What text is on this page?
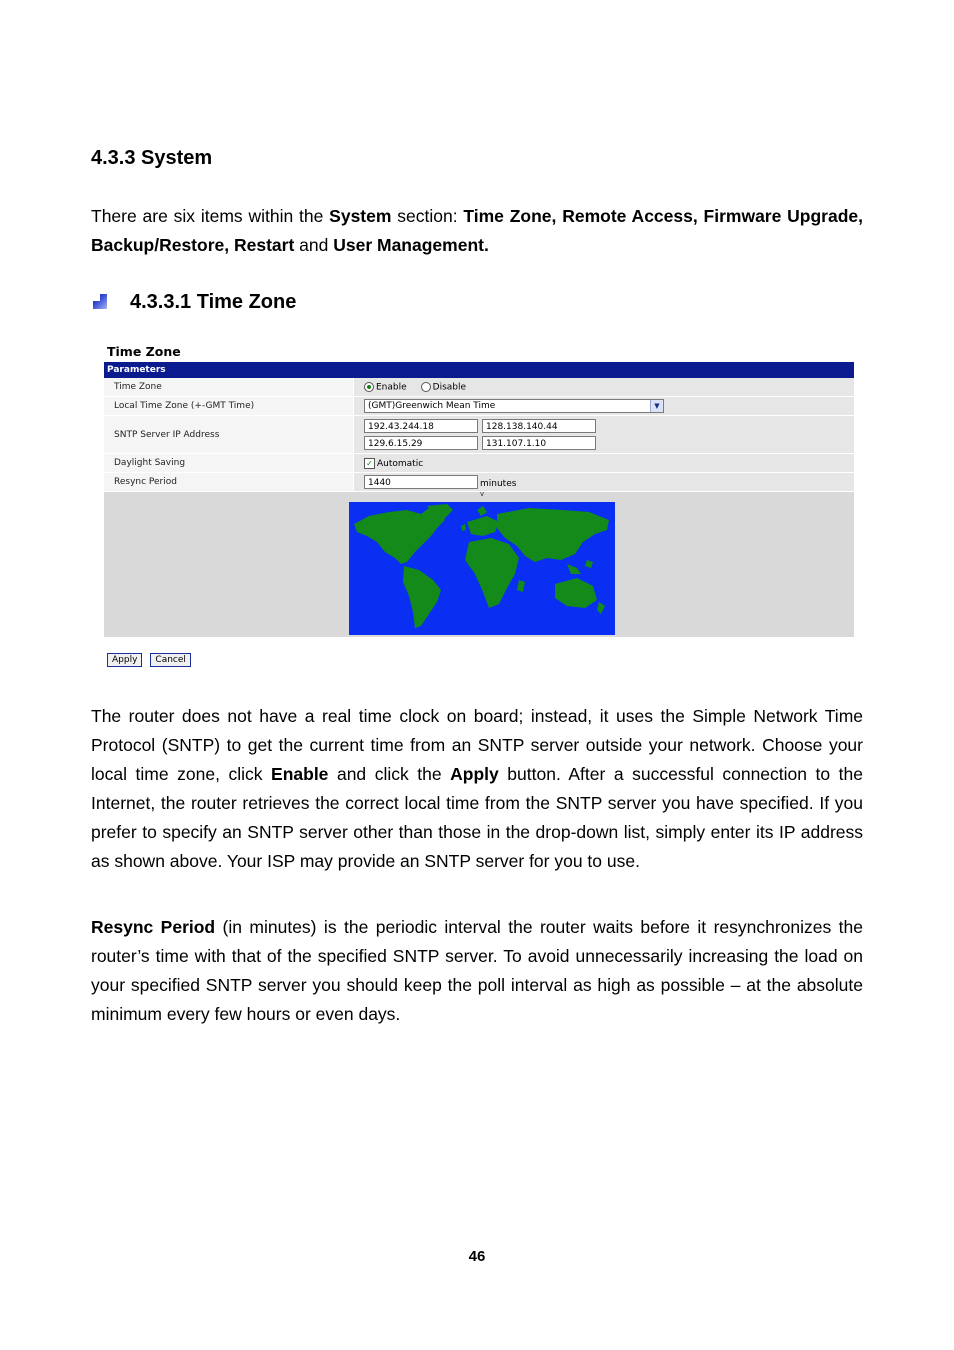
4.3.3 System

There are six items within the System section: Time Zone, Remote Access, Firmware Upgrade, Backup/Restore, Restart and User Management.

4.3.3.1 Time Zone
Time Zone
Parameters
Time Zone	Enable	Disable
Local Time Zone (+-GMT Time)	(GMT)Greenwich Mean Time	▼
SNTP Server IP Address
192.43.244.18	128.138.140.44
129.6.15.29	131.107.1.10
Daylight Saving	✓ Automatic
Resync Period	1440	minutes
v
Apply	Cancel

The router does not have a real time clock on board; instead, it uses the Simple Network Time Protocol (SNTP) to get the current time from an SNTP server outside your network. Choose your local time zone, click Enable and click the Apply button. After a successful connection to the Internet, the router retrieves the correct local time from the SNTP server you have specified. If you prefer to specify an SNTP server other than those in the drop-down list, simply enter its IP address as shown above. Your ISP may provide an SNTP server for you to use.

Resync Period (in minutes) is the periodic interval the router waits before it resynchronizes the router’s time with that of the specified SNTP server. To avoid unnecessarily increasing the load on your specified SNTP server you should keep the poll interval as high as possible – at the absolute minimum every few hours or even days.

46
